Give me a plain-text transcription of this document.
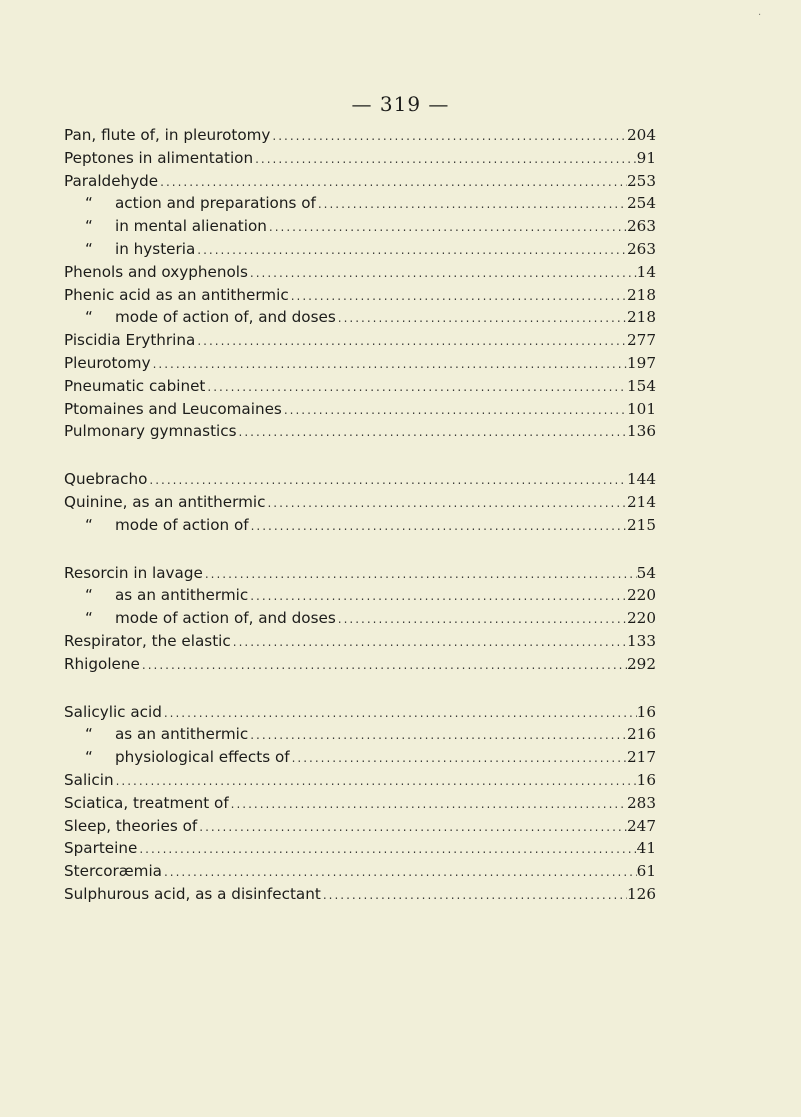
.
— 319 —
Pan, flute of, in pleurotomy .....	204
Peptones in alimentation .....	91
Paraldehyde .....	253
“ action and preparations of .....	254
“ in mental alienation .....	263
“ in hysteria .....	263
Phenols and oxyphenols .....	14
Phenic acid as an antithermic .....	218
“ mode of action of, and doses .....	218
Piscidia Erythrina .....	277
Pleurotomy .....	197
Pneumatic cabinet .....	154
Ptomaines and Leucomaines .....	101
Pulmonary gymnastics .....	136
Quebracho .....	144
Quinine, as an antithermic .....	214
“ mode of action of .....	215
Resorcin in lavage .....	54
“ as an antithermic .....	220
“ mode of action of, and doses .....	220
Respirator, the elastic .....	133
Rhigolene .....	292
Salicylic acid .....	16
“ as an antithermic .....	216
“ physiological effects of .....	217
Salicin .....	16
Sciatica, treatment of .....	283
Sleep, theories of .....	247
Sparteine .....	41
Stercoræmia .....	61
Sulphurous acid, as a disinfectant .....	126
